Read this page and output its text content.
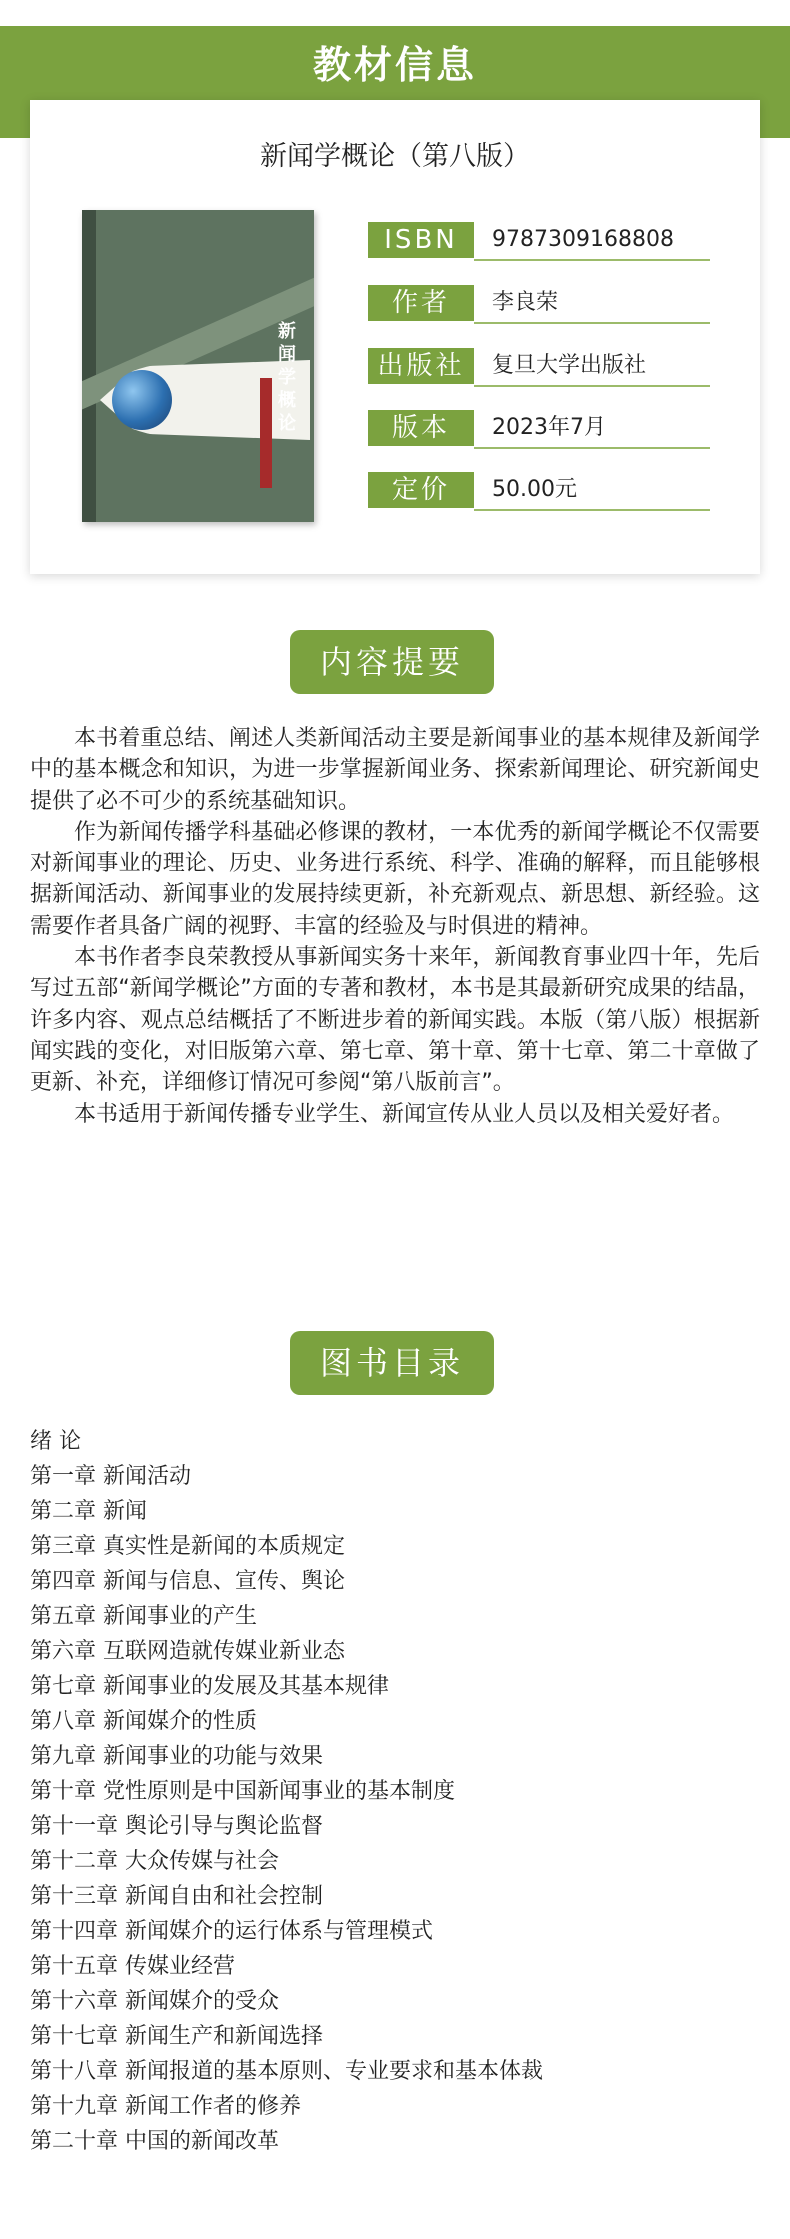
教材信息
新闻学概论（第八版）
新闻学概论
ISBN	9787309168808
作者	李良荣
出版社	复旦大学出版社
版本	2023年7月
定价	50.00元
内容提要

本书着重总结、阐述人类新闻活动主要是新闻事业的基本规律及新闻学中的基本概念和知识，为进一步掌握新闻业务、探索新闻理论、研究新闻史提供了必不可少的系统基础知识。

作为新闻传播学科基础必修课的教材，一本优秀的新闻学概论不仅需要对新闻事业的理论、历史、业务进行系统、科学、准确的解释，而且能够根据新闻活动、新闻事业的发展持续更新，补充新观点、新思想、新经验。这需要作者具备广阔的视野、丰富的经验及与时俱进的精神。

本书作者李良荣教授从事新闻实务十来年，新闻教育事业四十年，先后写过五部“新闻学概论”方面的专著和教材，本书是其最新研究成果的结晶，许多内容、观点总结概括了不断进步着的新闻实践。本版（第八版）根据新闻实践的变化，对旧版第六章、第七章、第十章、第十七章、第二十章做了更新、补充，详细修订情况可参阅“第八版前言”。

本书适用于新闻传播专业学生、新闻宣传从业人员以及相关爱好者。

图书目录
绪 论
第一章 新闻活动
第二章 新闻
第三章 真实性是新闻的本质规定
第四章 新闻与信息、宣传、舆论
第五章 新闻事业的产生
第六章 互联网造就传媒业新业态
第七章 新闻事业的发展及其基本规律
第八章 新闻媒介的性质
第九章 新闻事业的功能与效果
第十章 党性原则是中国新闻事业的基本制度
第十一章 舆论引导与舆论监督
第十二章 大众传媒与社会
第十三章 新闻自由和社会控制
第十四章 新闻媒介的运行体系与管理模式
第十五章 传媒业经营
第十六章 新闻媒介的受众
第十七章 新闻生产和新闻选择
第十八章 新闻报道的基本原则、专业要求和基本体裁
第十九章 新闻工作者的修养
第二十章 中国的新闻改革
